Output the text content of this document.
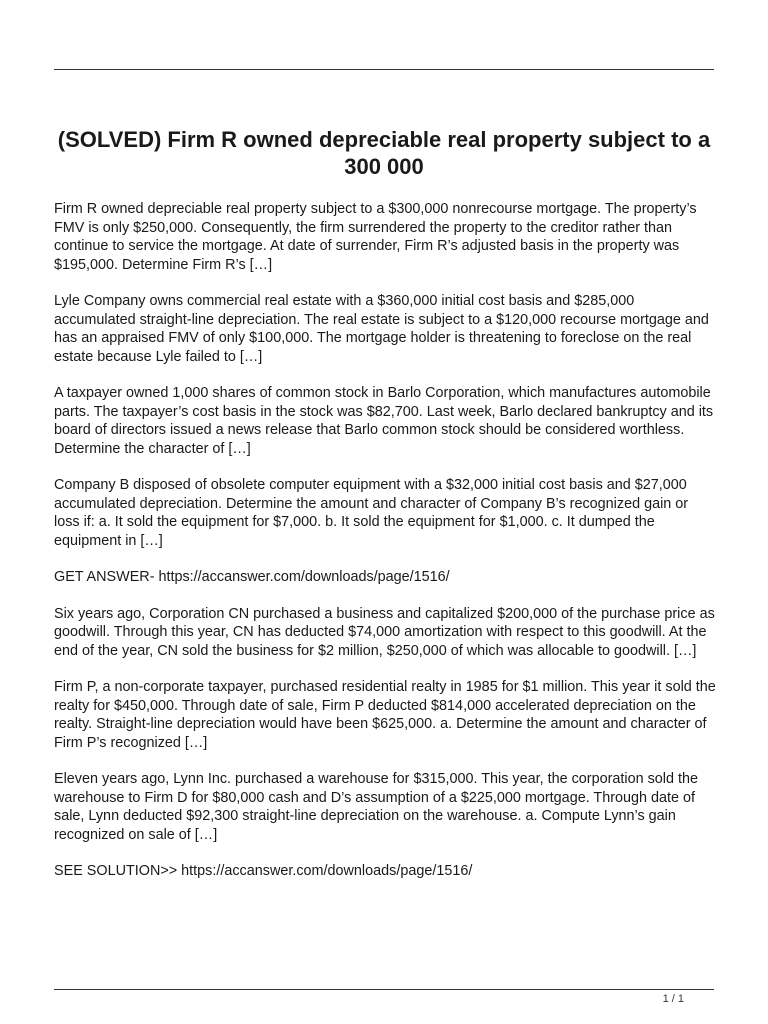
(SOLVED) Firm R owned depreciable real property subject to a 300 000

Firm R owned depreciable real property subject to a $300,000 nonrecourse mortgage. The property’s FMV is only $250,000. Consequently, the firm surrendered the property to the creditor rather than continue to service the mortgage. At date of surrender, Firm R’s adjusted basis in the property was $195,000. Determine Firm R’s […]

Lyle Company owns commercial real estate with a $360,000 initial cost basis and $285,000 accumulated straight-line depreciation. The real estate is subject to a $120,000 recourse mortgage and has an appraised FMV of only $100,000. The mortgage holder is threatening to foreclose on the real estate because Lyle failed to […]

A taxpayer owned 1,000 shares of common stock in Barlo Corporation, which manufactures automobile parts. The taxpayer’s cost basis in the stock was $82,700. Last week, Barlo declared bankruptcy and its board of directors issued a news release that Barlo common stock should be considered worthless. Determine the character of […]

Company B disposed of obsolete computer equipment with a $32,000 initial cost basis and $27,000 accumulated depreciation. Determine the amount and character of Company B’s recognized gain or loss if: a. It sold the equipment for $7,000. b. It sold the equipment for $1,000. c. It dumped the equipment in […]

GET ANSWER- https://accanswer.com/downloads/page/1516/

Six years ago, Corporation CN purchased a business and capitalized $200,000 of the purchase price as goodwill. Through this year, CN has deducted $74,000 amortization with respect to this goodwill. At the end of the year, CN sold the business for $2 million, $250,000 of which was allocable to goodwill. […]

Firm P, a non-corporate taxpayer, purchased residential realty in 1985 for $1 million. This year it sold the realty for $450,000. Through date of sale, Firm P deducted $814,000 accelerated depreciation on the realty. Straight-line depreciation would have been $625,000. a. Determine the amount and character of Firm P’s recognized […]

Eleven years ago, Lynn Inc. purchased a warehouse for $315,000. This year, the corporation sold the warehouse to Firm D for $80,000 cash and D’s assumption of a $225,000 mortgage. Through date of sale, Lynn deducted $92,300 straight-line depreciation on the warehouse. a. Compute Lynn’s gain recognized on sale of […]

SEE SOLUTION>> https://accanswer.com/downloads/page/1516/

1 / 1
